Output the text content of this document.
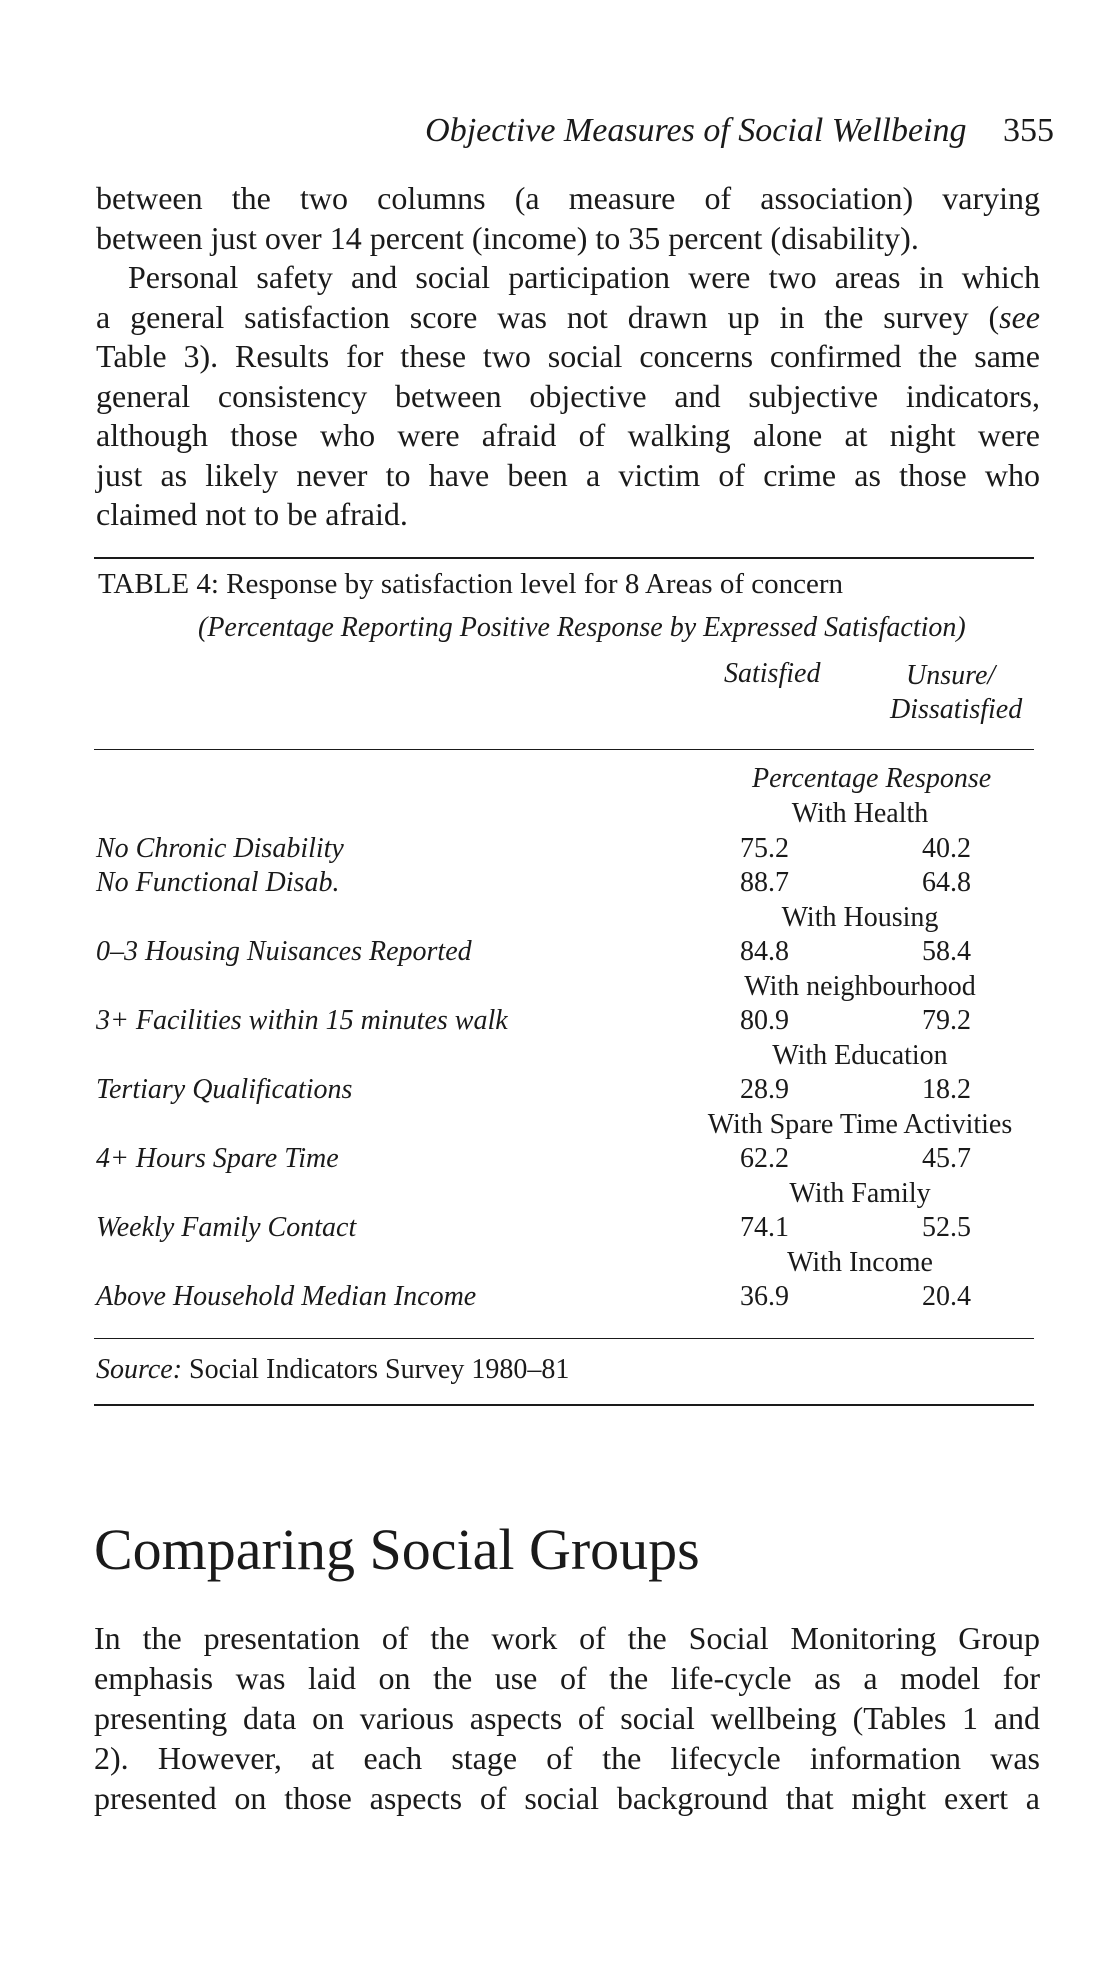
Objective Measures of Social Wellbeing 355
between the two columns (a measure of association) varying
between just over 14 percent (income) to 35 percent (disability).
Personal safety and social participation were two areas in which
a general satisfaction score was not drawn up in the survey (see
Table 3). Results for these two social concerns confirmed the same
general consistency between objective and subjective indicators,
although those who were afraid of walking alone at night were
just as likely never to have been a victim of crime as those who
claimed not to be afraid.
TABLE 4: Response by satisfaction level for 8 Areas of concern
(Percentage Reporting Positive Response by Expressed Satisfaction)
Satisfied	Unsure/
Dissatisfied
Percentage Response
With Health
No Chronic Disability	75.2	40.2
No Functional Disab.	88.7	64.8
With Housing
0–3 Housing Nuisances Reported	84.8	58.4
With neighbourhood
3+ Facilities within 15 minutes walk	80.9	79.2
With Education
Tertiary Qualifications	28.9	18.2
With Spare Time Activities
4+ Hours Spare Time	62.2	45.7
With Family
Weekly Family Contact	74.1	52.5
With Income
Above Household Median Income	36.9	20.4
Source: Social Indicators Survey 1980–81
Comparing Social Groups
In the presentation of the work of the Social Monitoring Group
emphasis was laid on the use of the life-cycle as a model for
presenting data on various aspects of social wellbeing (Tables 1 and
2). However, at each stage of the lifecycle information was
presented on those aspects of social background that might exert a
